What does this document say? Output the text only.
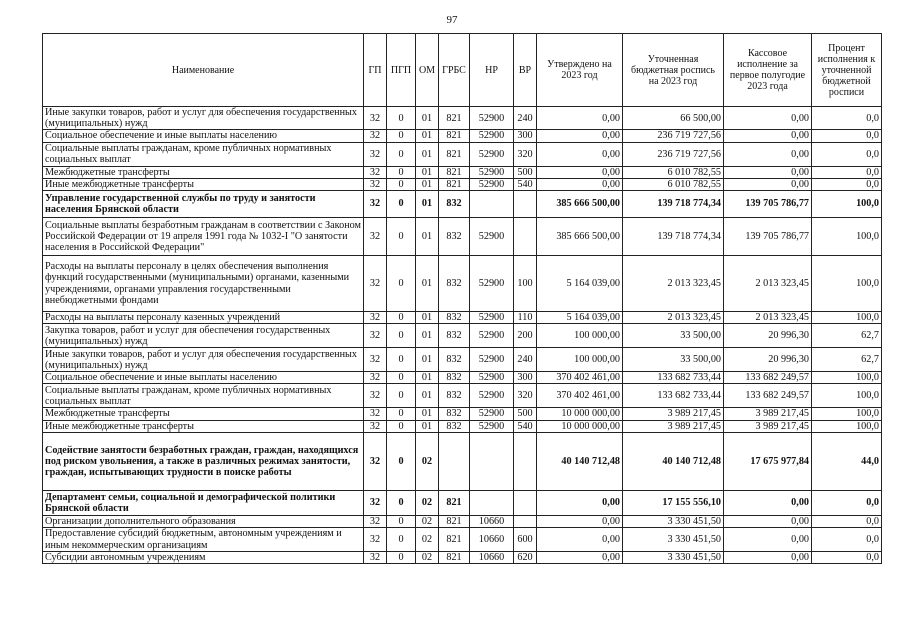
97
Наименование	ГП	ПГП	ОМ	ГРБС	НР	ВР	Утверждено на 2023 год	Уточненная бюджетная роспись на 2023 год	Кассовое исполнение за первое полугодие 2023 года	Процент исполнения к уточненной бюджетной росписи
Иные закупки товаров, работ и услуг для обеспечения государственных (муниципальных) нужд	32	0	01	821	52900	240	0,00	66 500,00	0,00	0,0
Социальное обеспечение и иные выплаты населению	32	0	01	821	52900	300	0,00	236 719 727,56	0,00	0,0
Социальные выплаты гражданам, кроме публичных нормативных социальных выплат	32	0	01	821	52900	320	0,00	236 719 727,56	0,00	0,0
Межбюджетные трансферты	32	0	01	821	52900	500	0,00	6 010 782,55	0,00	0,0
Иные межбюджетные трансферты	32	0	01	821	52900	540	0,00	6 010 782,55	0,00	0,0
Управление государственной службы по труду и занятости населения Брянской области	32	0	01	832			385 666 500,00	139 718 774,34	139 705 786,77	100,0
Социальные выплаты безработным гражданам в соответствии с Законом Российской Федерации от 19 апреля 1991 года № 1032-I "О занятости населения в Российской Федерации"	32	0	01	832	52900		385 666 500,00	139 718 774,34	139 705 786,77	100,0
Расходы на выплаты персоналу в целях обеспечения выполнения функций государственными (муниципальными) органами, казенными учреждениями, органами управления государственными внебюджетными фондами	32	0	01	832	52900	100	5 164 039,00	2 013 323,45	2 013 323,45	100,0
Расходы на выплаты персоналу казенных учреждений	32	0	01	832	52900	110	5 164 039,00	2 013 323,45	2 013 323,45	100,0
Закупка товаров, работ и услуг для обеспечения государственных (муниципальных) нужд	32	0	01	832	52900	200	100 000,00	33 500,00	20 996,30	62,7
Иные закупки товаров, работ и услуг для обеспечения государственных (муниципальных) нужд	32	0	01	832	52900	240	100 000,00	33 500,00	20 996,30	62,7
Социальное обеспечение и иные выплаты населению	32	0	01	832	52900	300	370 402 461,00	133 682 733,44	133 682 249,57	100,0
Социальные выплаты гражданам, кроме публичных нормативных социальных выплат	32	0	01	832	52900	320	370 402 461,00	133 682 733,44	133 682 249,57	100,0
Межбюджетные трансферты	32	0	01	832	52900	500	10 000 000,00	3 989 217,45	3 989 217,45	100,0
Иные межбюджетные трансферты	32	0	01	832	52900	540	10 000 000,00	3 989 217,45	3 989 217,45	100,0
Содействие занятости безработных граждан, граждан, находящихся под риском увольнения, а также в различных режимах занятости, граждан, испытывающих трудности в поиске работы	32	0	02				40 140 712,48	40 140 712,48	17 675 977,84	44,0
Департамент семьи, социальной и демографической политики Брянской области	32	0	02	821			0,00	17 155 556,10	0,00	0,0
Организации дополнительного образования	32	0	02	821	10660		0,00	3 330 451,50	0,00	0,0
Предоставление субсидий бюджетным, автономным учреждениям и иным некоммерческим организациям	32	0	02	821	10660	600	0,00	3 330 451,50	0,00	0,0
Субсидии автономным учреждениям	32	0	02	821	10660	620	0,00	3 330 451,50	0,00	0,0
